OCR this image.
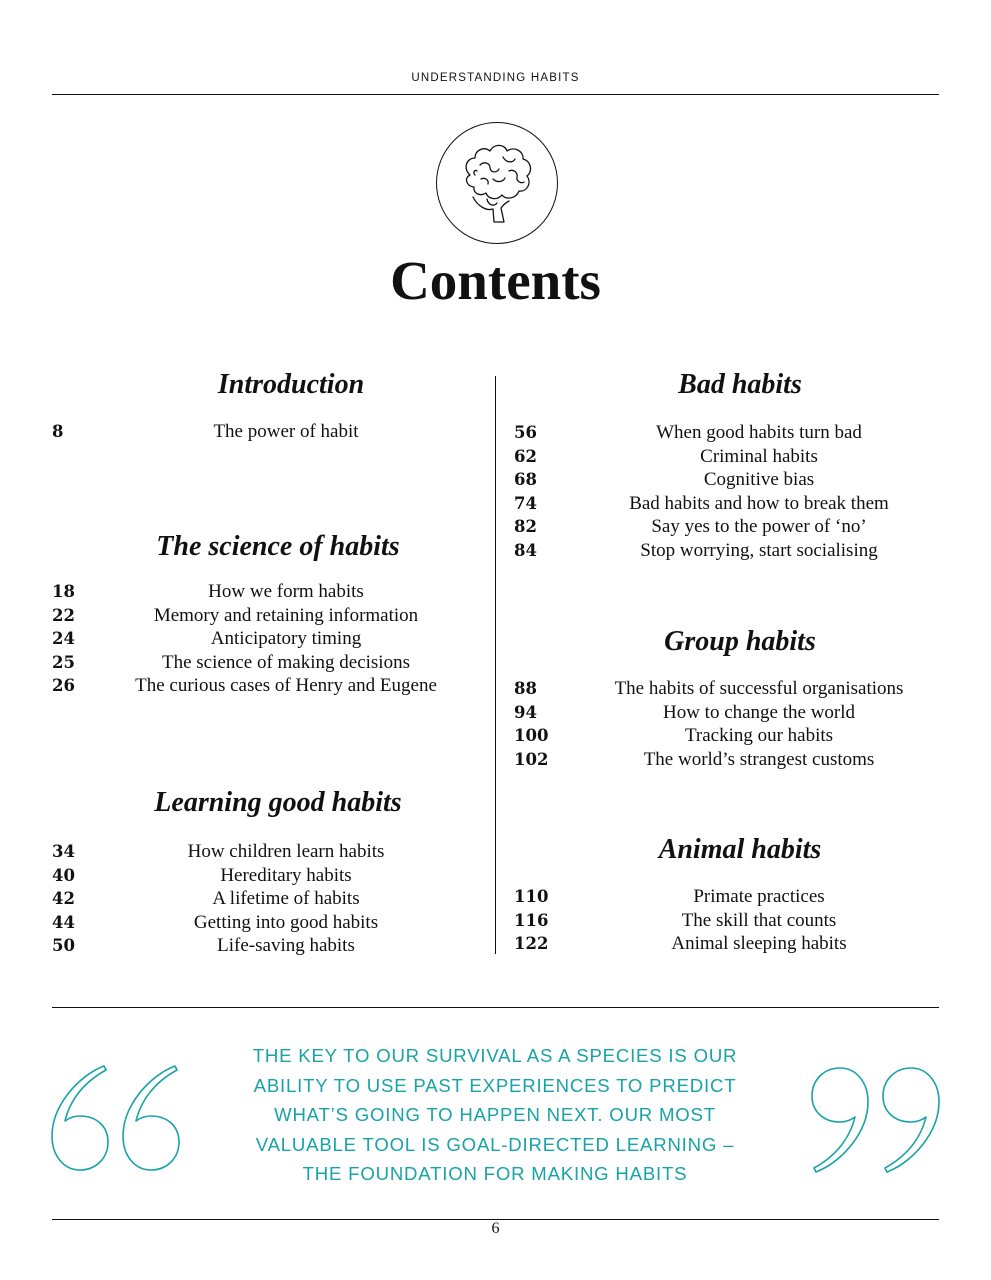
UNDERSTANDING HABITS
Contents
Introduction
8	The power of habit
The science of habits
18	How we form habits
22	Memory and retaining information
24	Anticipatory timing
25	The science of making decisions
26	The curious cases of Henry and Eugene
Learning good habits
34	How children learn habits
40	Hereditary habits
42	A lifetime of habits
44	Getting into good habits
50	Life-saving habits
Bad habits
56	When good habits turn bad
62	Criminal habits
68	Cognitive bias
74	Bad habits and how to break them
82	Say yes to the power of ‘no’
84	Stop worrying, start socialising
Group habits
88	The habits of successful organisations
94	How to change the world
100	Tracking our habits
102	The world’s strangest customs
Animal habits
110	Primate practices
116	The skill that counts
122	Animal sleeping habits

THE KEY TO OUR SURVIVAL AS A SPECIES IS OUR
ABILITY TO USE PAST EXPERIENCES TO PREDICT
WHAT’S GOING TO HAPPEN NEXT. OUR MOST
VALUABLE TOOL IS GOAL-DIRECTED LEARNING –
THE FOUNDATION FOR MAKING HABITS

6
